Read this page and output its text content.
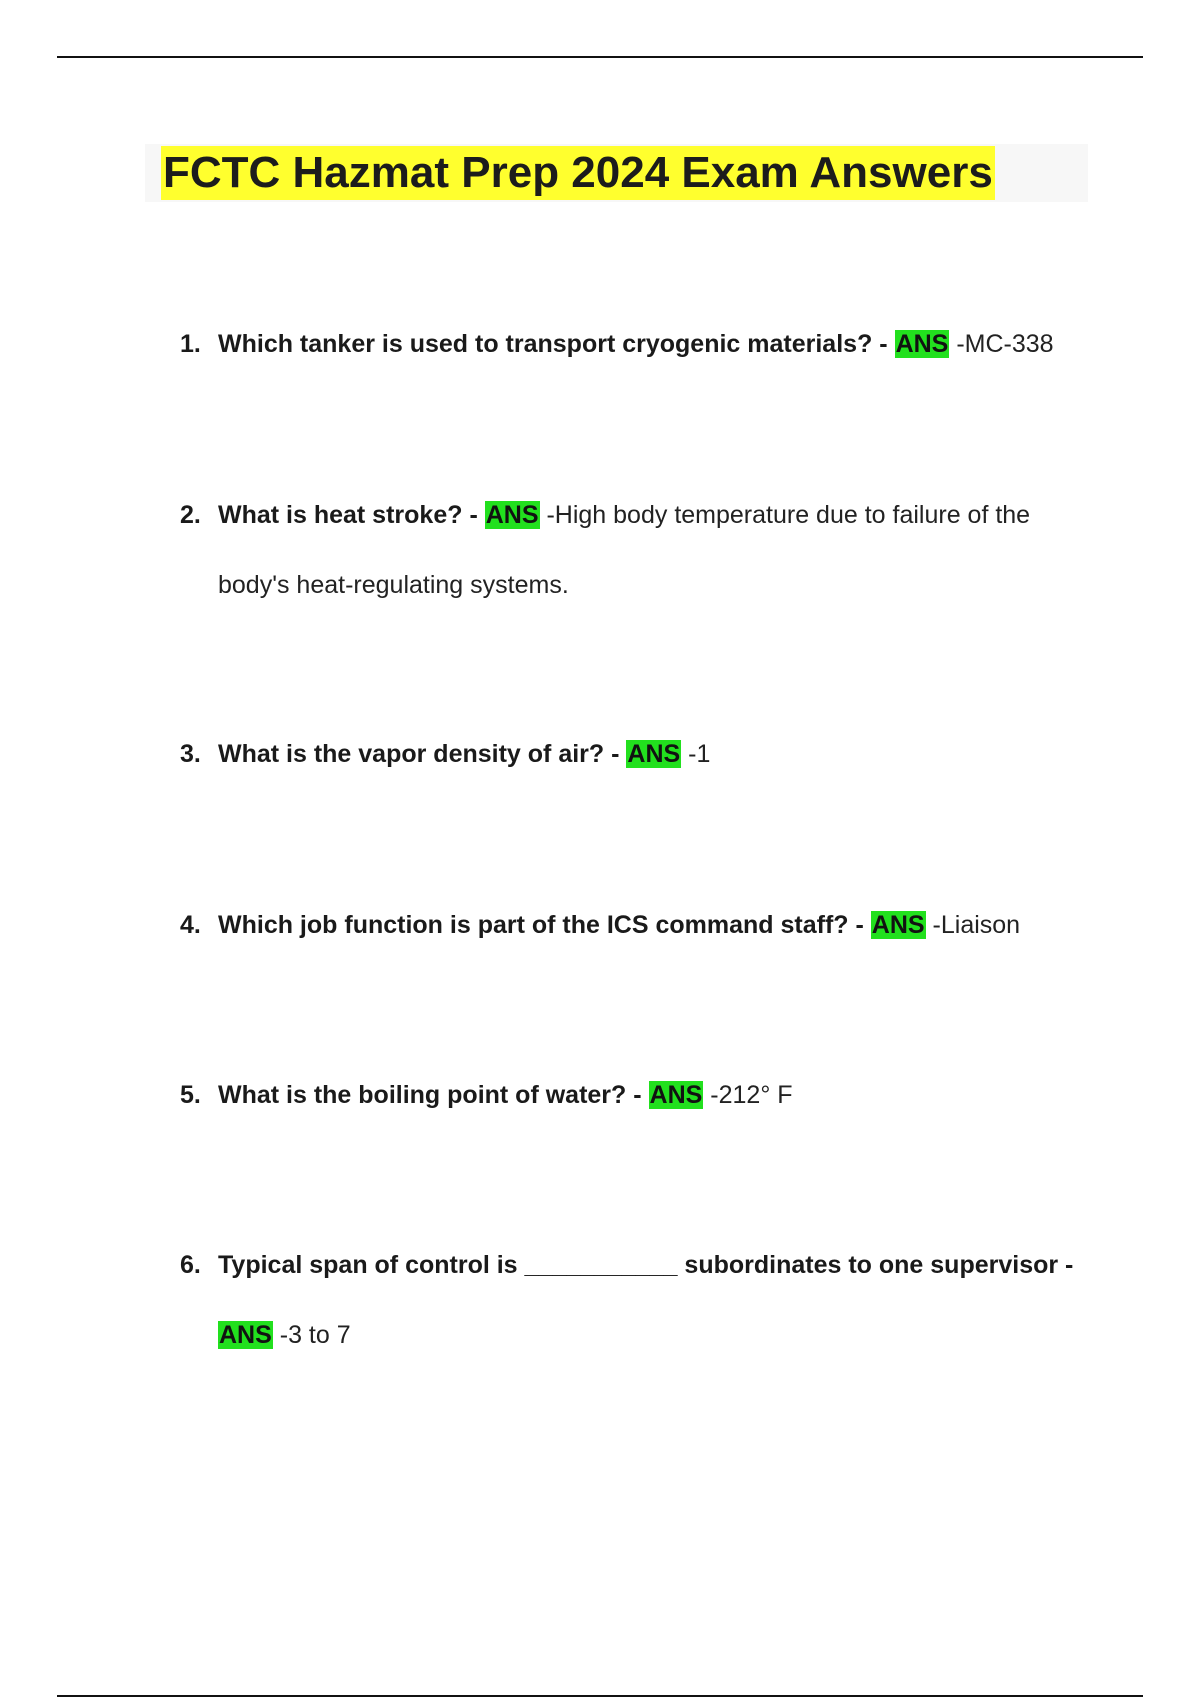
FCTC Hazmat Prep 2024 Exam Answers
1. Which tanker is used to transport cryogenic materials? - ANS -MC-338
2. What is heat stroke? - ANS -High body temperature due to failure of the
body's heat-regulating systems.
3. What is the vapor density of air? - ANS -1
4. Which job function is part of the ICS command staff? - ANS -Liaison
5. What is the boiling point of water? - ANS -212° F
6. Typical span of control is ___________ subordinates to one supervisor -
ANS -3 to 7
